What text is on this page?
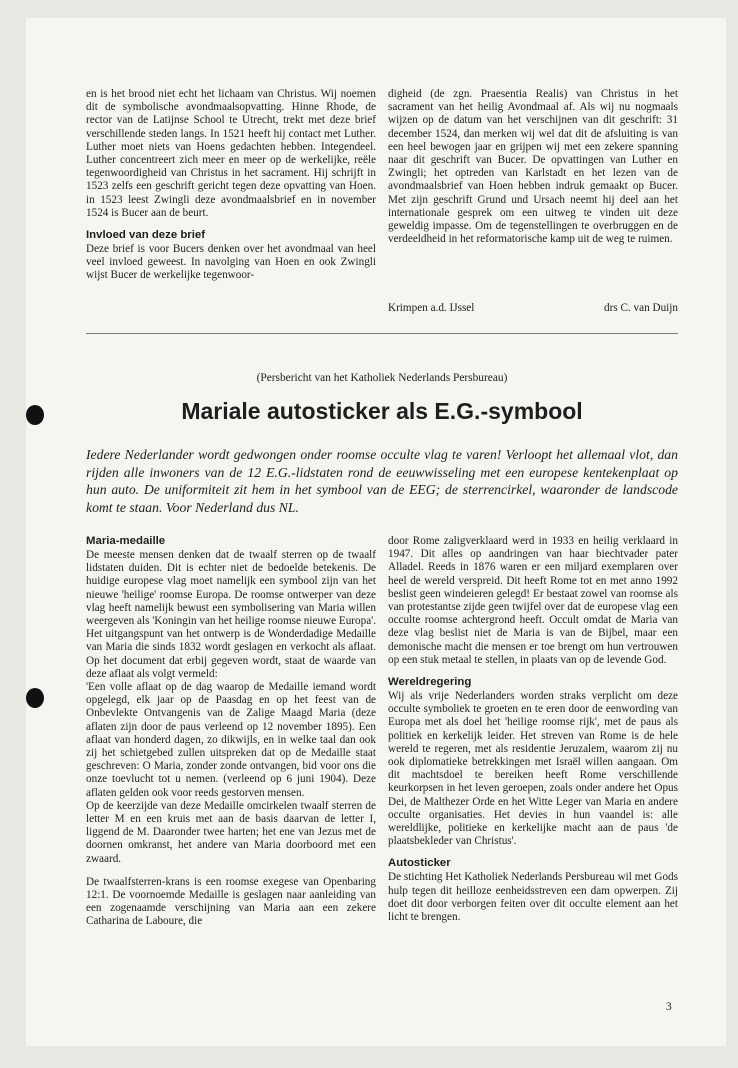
en is het brood niet echt het lichaam van Christus. Wij noemen dit de symbolische avondmaalsopvatting. Hinne Rhode, de rector van de Latijnse School te Utrecht, trekt met deze brief verschillende steden langs. In 1521 heeft hij contact met Luther. Luther moet niets van Hoens gedachten hebben. Integendeel. Luther concentreert zich meer en meer op de werkelijke, reële tegenwoordigheid van Christus in het sacrament. Hij schrijft in 1523 zelfs een geschrift gericht tegen deze opvatting van Hoen. in 1523 leest Zwingli deze avondmaalsbrief en in november 1524 is Bucer aan de beurt.

Invloed van deze brief

Deze brief is voor Bucers denken over het avondmaal van heel veel invloed geweest. In navolging van Hoen en ook Zwingli wijst Bucer de werkelijke tegenwoor-

digheid (de zgn. Praesentia Realis) van Christus in het sacrament van het heilig Avondmaal af. Als wij nu nogmaals wijzen op de datum van het verschijnen van dit geschrift: 31 december 1524, dan merken wij wel dat dit de afsluiting is van een heel bewogen jaar en grijpen wij met een zekere spanning naar dit geschrift van Bucer. De opvattingen van Luther en Zwingli; het optreden van Karlstadt en het lezen van de avondmaalsbrief van Hoen hebben indruk gemaakt op Bucer. Met zijn geschrift Grund und Ursach neemt hij deel aan het internationale gesprek om een uitweg te vinden uit deze geweldig impasse. Om de tegenstellingen te overbruggen en de verdeeldheid in het reformatorische kamp uit de weg te ruimen.

Krimpen a.d. IJssel	drs C. van Duijn
(Persbericht van het Katholiek Nederlands Persbureau)
Mariale autosticker als E.G.-symbool
Iedere Nederlander wordt gedwongen onder roomse occulte vlag te varen! Verloopt het allemaal vlot, dan rijden alle inwoners van de 12 E.G.-lidstaten rond de eeuwwisseling met een europese kentekenplaat op hun auto. De uniformiteit zit hem in het symbool van de EEG; de sterrencirkel, waaronder de landscode komt te staan. Voor Nederland dus NL.
Maria-medaille

De meeste mensen denken dat de twaalf sterren op de twaalf lidstaten duiden. Dit is echter niet de bedoelde betekenis. De huidige europese vlag moet namelijk een symbool zijn van het nieuwe 'heilige' roomse Europa. De roomse ontwerper van deze vlag heeft namelijk bewust een symbolisering van Maria willen weergeven als 'Koningin van het heilige roomse nieuwe Europa'. Het uitgangspunt van het ontwerp is de Wonderdadige Medaille van Maria die sinds 1832 wordt geslagen en verkocht als aflaat. Op het document dat erbij gegeven wordt, staat de waarde van deze aflaat als volgt vermeld:

'Een volle aflaat op de dag waarop de Medaille iemand wordt opgelegd, elk jaar op de Paasdag en op het feest van de Onbevlekte Ontvangenis van de Zalige Maagd Maria (deze aflaten zijn door de paus verleend op 12 november 1895). Een aflaat van honderd dagen, zo dikwijls, en in welke taal dan ook zij het schietgebed zullen uitspreken dat op de Medaille staat geschreven: O Maria, zonder zonde ontvangen, bid voor ons die onze toevlucht tot u nemen. (verleend op 6 juni 1904). Deze aflaten gelden ook voor reeds gestorven mensen.

Op de keerzijde van deze Medaille omcirkelen twaalf sterren de letter M en een kruis met aan de basis daarvan de letter I, liggend de M. Daaronder twee harten; het ene van Jezus met de doornen omkranst, het andere van Maria doorboord met een zwaard.

De twaalfsterren-krans is een roomse exegese van Openbaring 12:1. De voornoemde Medaille is geslagen naar aanleiding van een zogenaamde verschijning van Maria aan een zekere Catharina de Laboure, die

door Rome zaligverklaard werd in 1933 en heilig verklaard in 1947. Dit alles op aandringen van haar biechtvader pater Alladel. Reeds in 1876 waren er een miljard exemplaren over heel de wereld verspreid. Dit heeft Rome tot en met anno 1992 beslist geen windeieren gelegd! Er bestaat zowel van roomse als van protestantse zijde geen twijfel over dat de europese vlag een occulte roomse achtergrond heeft. Occult omdat de Maria van deze vlag beslist niet de Maria is van de Bijbel, maar een demonische macht die mensen er toe brengt om hun vertrouwen op een stuk metaal te stellen, in plaats van op de levende God.

Wereldregering

Wij als vrije Nederlanders worden straks verplicht om deze occulte symboliek te groeten en te eren door de eenwording van Europa met als doel het 'heilige roomse rijk', met de paus als politiek en kerkelijk leider. Het streven van Rome is de hele wereld te regeren, met als residentie Jeruzalem, waarom zij nu ook diplomatieke betrekkingen met Israël willen aangaan. Om dit machtsdoel te bereiken heeft Rome verschillende keurkorpsen in het leven geroepen, zoals onder andere het Opus Dei, de Malthezer Orde en het Witte Leger van Maria en andere occulte organisaties. Het devies in hun vaandel is: alle wereldlijke, politieke en kerkelijke macht aan de paus 'de plaatsbekleder van Christus'.

Autosticker

De stichting Het Katholiek Nederlands Persbureau wil met Gods hulp tegen dit heilloze eenheidsstreven een dam opwerpen. Zij doet dit door verborgen feiten over dit occulte element aan het licht te brengen.

3
